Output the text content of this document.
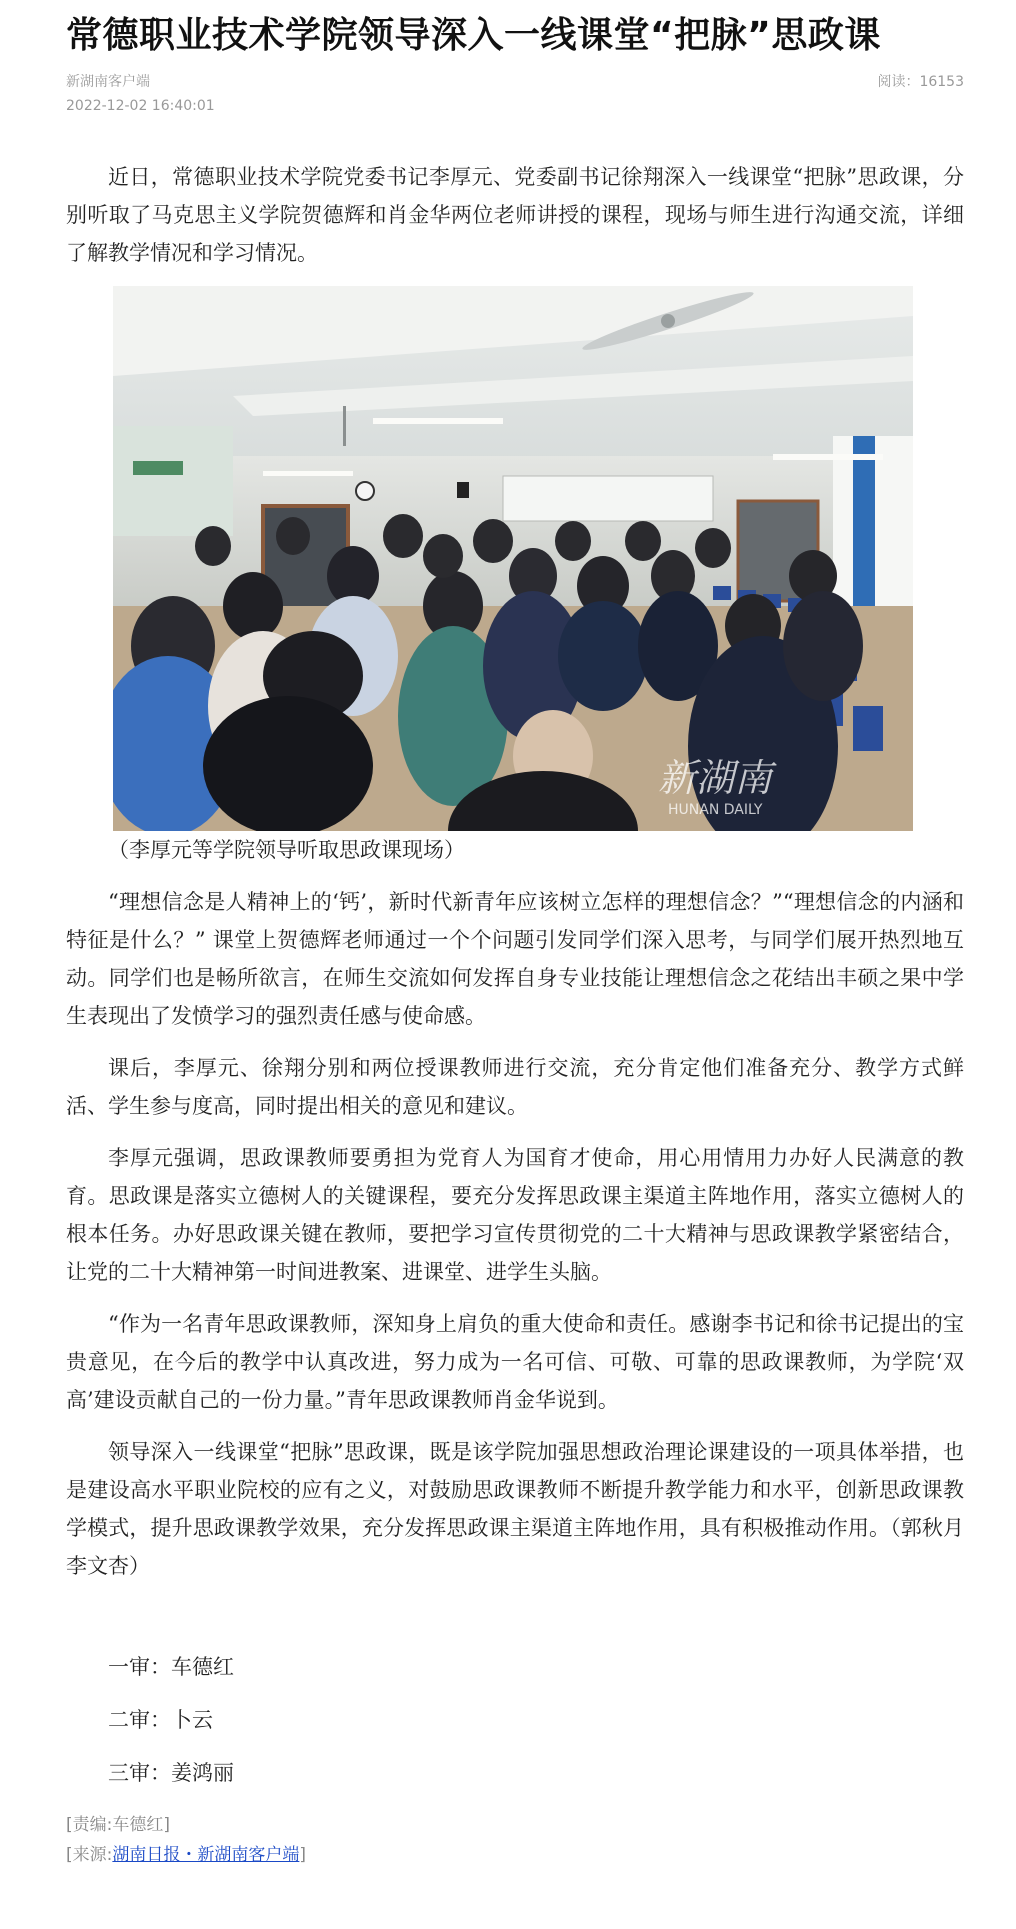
常德职业技术学院领导深入一线课堂“把脉”思政课
新湖南客户端
2022-12-02 16:40:01
阅读：16153

近日，常德职业技术学院党委书记李厚元、党委副书记徐翔深入一线课堂“把脉”思政课，分别听取了马克思主义学院贺德辉和肖金华两位老师讲授的课程，现场与师生进行沟通交流，详细了解教学情况和学习情况。

新湖南
HUNAN DAILY

（李厚元等学院领导听取思政课现场）

“理想信念是人精神上的‘钙’，新时代新青年应该树立怎样的理想信念？”“理想信念的内涵和特征是什么？” 课堂上贺德辉老师通过一个个问题引发同学们深入思考，与同学们展开热烈地互动。同学们也是畅所欲言，在师生交流如何发挥自身专业技能让理想信念之花结出丰硕之果中学生表现出了发愤学习的强烈责任感与使命感。

课后，李厚元、徐翔分别和两位授课教师进行交流，充分肯定他们准备充分、教学方式鲜活、学生参与度高，同时提出相关的意见和建议。

李厚元强调，思政课教师要勇担为党育人为国育才使命，用心用情用力办好人民满意的教育。思政课是落实立德树人的关键课程，要充分发挥思政课主渠道主阵地作用，落实立德树人的根本任务。办好思政课关键在教师，要把学习宣传贯彻党的二十大精神与思政课教学紧密结合，让党的二十大精神第一时间进教案、进课堂、进学生头脑。

“作为一名青年思政课教师，深知身上肩负的重大使命和责任。感谢李书记和徐书记提出的宝贵意见，在今后的教学中认真改进，努力成为一名可信、可敬、可靠的思政课教师，为学院‘双高’建设贡献自己的一份力量。”青年思政课教师肖金华说到。

领导深入一线课堂“把脉”思政课，既是该学院加强思想政治理论课建设的一项具体举措，也是建设高水平职业院校的应有之义，对鼓励思政课教师不断提升教学能力和水平，创新思政课教学模式，提升思政课教学效果，充分发挥思政课主渠道主阵地作用，具有积极推动作用。（郭秋月 李文杏）

一审：车德红

二审：卜云

三审：姜鸿丽

[责编:车德红]
[来源:湖南日报・新湖南客户端]
